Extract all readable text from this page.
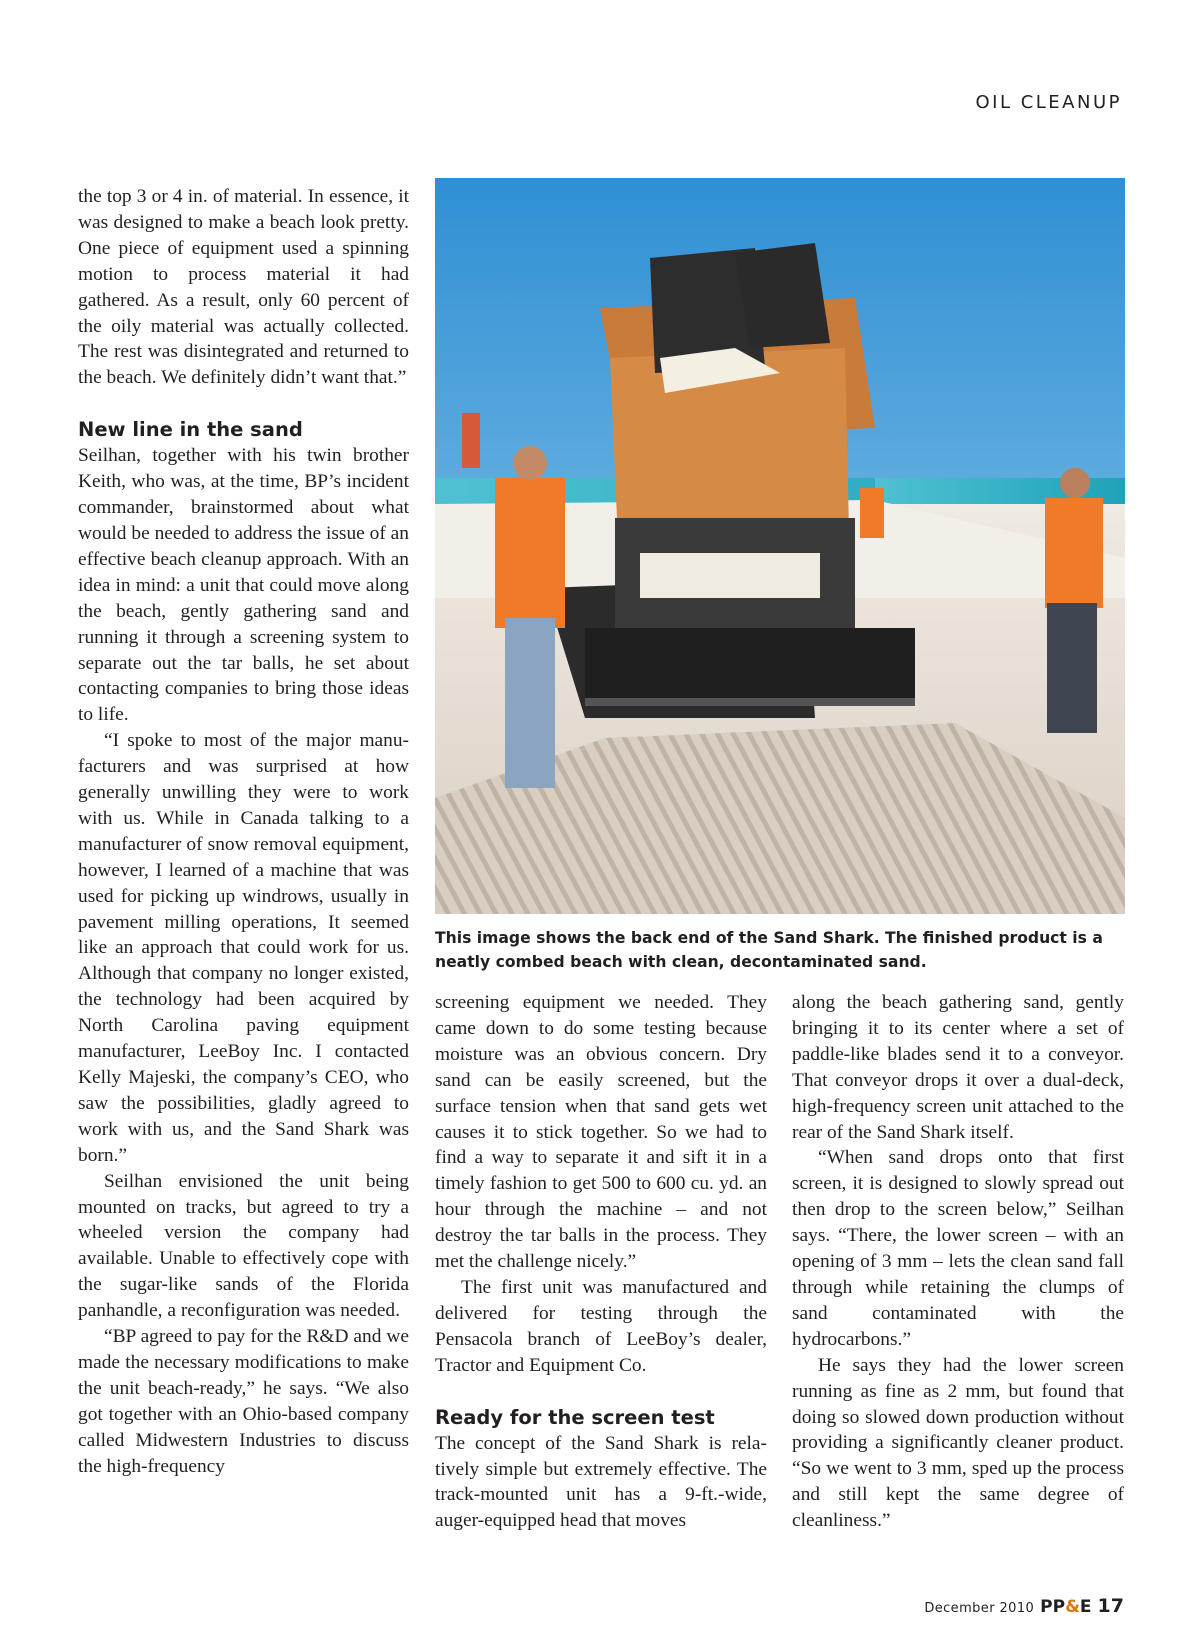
OIL CLEANUP

the top 3 or 4 in. of material. In essence, it was designed to make a beach look pretty. One piece of equipment used a spinning motion to process material it had gathered. As a result, only 60 percent of the oily material was actually collected. The rest was disintegrated and returned to the beach. We definitely didn’t want that.”

New line in the sand

Seilhan, together with his twin brother Keith, who was, at the time, BP’s incident commander, brainstormed about what would be needed to address the issue of an effective beach cleanup approach. With an idea in mind: a unit that could move along the beach, gently gathering sand and running it through a screening system to separate out the tar balls, he set about contacting companies to bring those ideas to life.

“I spoke to most of the major manufacturers and was surprised at how generally unwilling they were to work with us. While in Canada talking to a manufacturer of snow removal equipment, however, I learned of a machine that was used for picking up windrows, usually in pavement milling operations, It seemed like an approach that could work for us. Although that company no longer existed, the technology had been acquired by North Carolina paving equipment manufacturer, LeeBoy Inc. I contacted Kelly Majeski, the company’s CEO, who saw the possibilities, gladly agreed to work with us, and the Sand Shark was born.”

Seilhan envisioned the unit being mounted on tracks, but agreed to try a wheeled version the company had available. Unable to effectively cope with the sugar-like sands of the Florida panhandle, a reconfiguration was needed.

“BP agreed to pay for the R&D and we made the necessary modifications to make the unit beach-ready,” he says. “We also got together with an Ohio-based company called Midwestern Industries to discuss the high-frequency

This image shows the back end of the Sand Shark. The finished product is a neatly combed beach with clean, decontaminated sand.

screening equipment we needed. They came down to do some testing because moisture was an obvious concern. Dry sand can be easily screened, but the surface tension when that sand gets wet causes it to stick together. So we had to find a way to separate it and sift it in a timely fashion to get 500 to 600 cu. yd. an hour through the machine – and not destroy the tar balls in the process. They met the challenge nicely.”

The first unit was manufactured and delivered for testing through the Pensacola branch of LeeBoy’s dealer, Tractor and Equipment Co.

Ready for the screen test

The concept of the Sand Shark is relatively simple but extremely effective. The track-mounted unit has a 9-ft.-wide, auger-equipped head that moves

along the beach gathering sand, gently bringing it to its center where a set of paddle-like blades send it to a conveyor. That conveyor drops it over a dual-deck, high-frequency screen unit attached to the rear of the Sand Shark itself.

“When sand drops onto that first screen, it is designed to slowly spread out then drop to the screen below,” Seilhan says. “There, the lower screen – with an opening of 3 mm – lets the clean sand fall through while retaining the clumps of sand contaminated with the hydrocarbons.”

He says they had the lower screen running as fine as 2 mm, but found that doing so slowed down production without providing a significantly cleaner product. “So we went to 3 mm, sped up the process and still kept the same degree of cleanliness.”

December 2010 PP&E 17
